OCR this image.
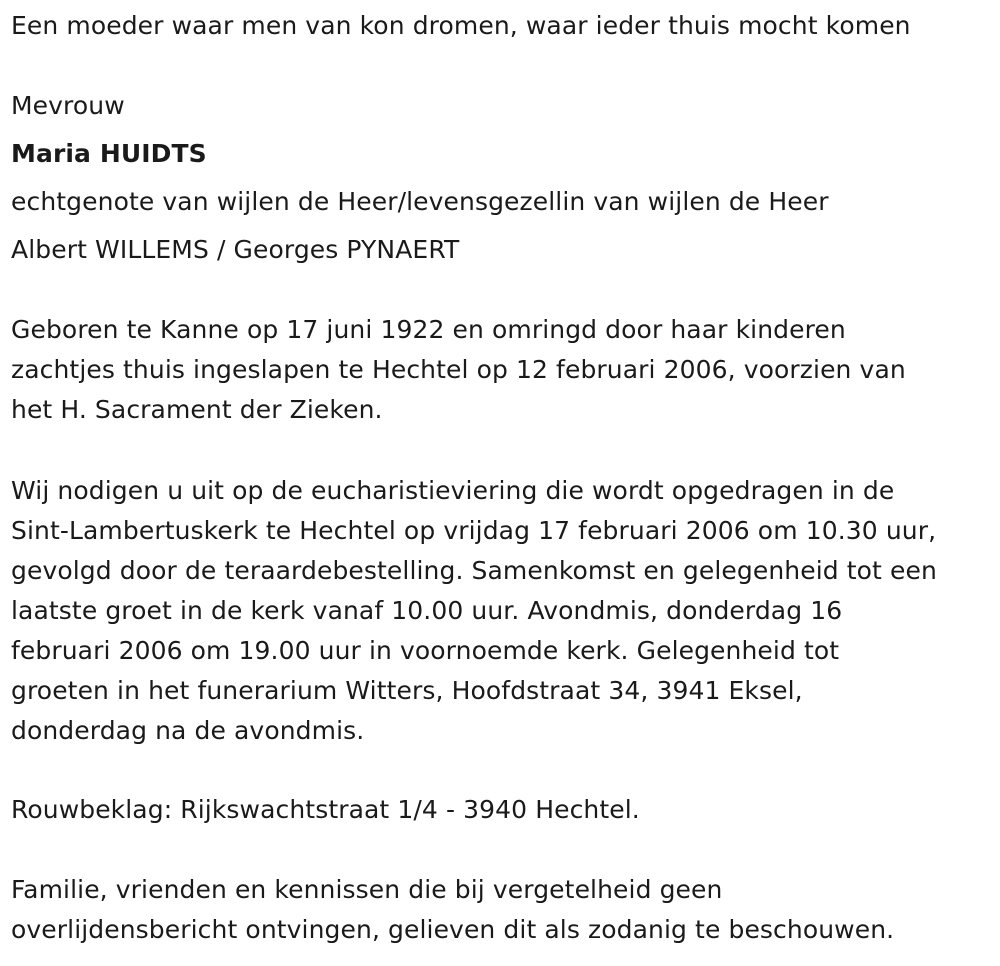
Een moeder waar men van kon dromen, waar ieder thuis mocht komen
Mevrouw
Maria HUIDTS
echtgenote van wijlen de Heer/levensgezellin van wijlen de Heer
Albert WILLEMS / Georges PYNAERT
Geboren te Kanne op 17 juni 1922 en omringd door haar kinderen
zachtjes thuis ingeslapen te Hechtel op 12 februari 2006, voorzien van
het H. Sacrament der Zieken.
Wij nodigen u uit op de eucharistieviering die wordt opgedragen in de
Sint-Lambertuskerk te Hechtel op vrijdag 17 februari 2006 om 10.30 uur,
gevolgd door de teraardebestelling. Samenkomst en gelegenheid tot een
laatste groet in de kerk vanaf 10.00 uur. Avondmis, donderdag 16
februari 2006 om 19.00 uur in voornoemde kerk. Gelegenheid tot
groeten in het funerarium Witters, Hoofdstraat 34, 3941 Eksel,
donderdag na de avondmis.
Rouwbeklag: Rijkswachtstraat 1/4 - 3940 Hechtel.
Familie, vrienden en kennissen die bij vergetelheid geen
overlijdensbericht ontvingen, gelieven dit als zodanig te beschouwen.
